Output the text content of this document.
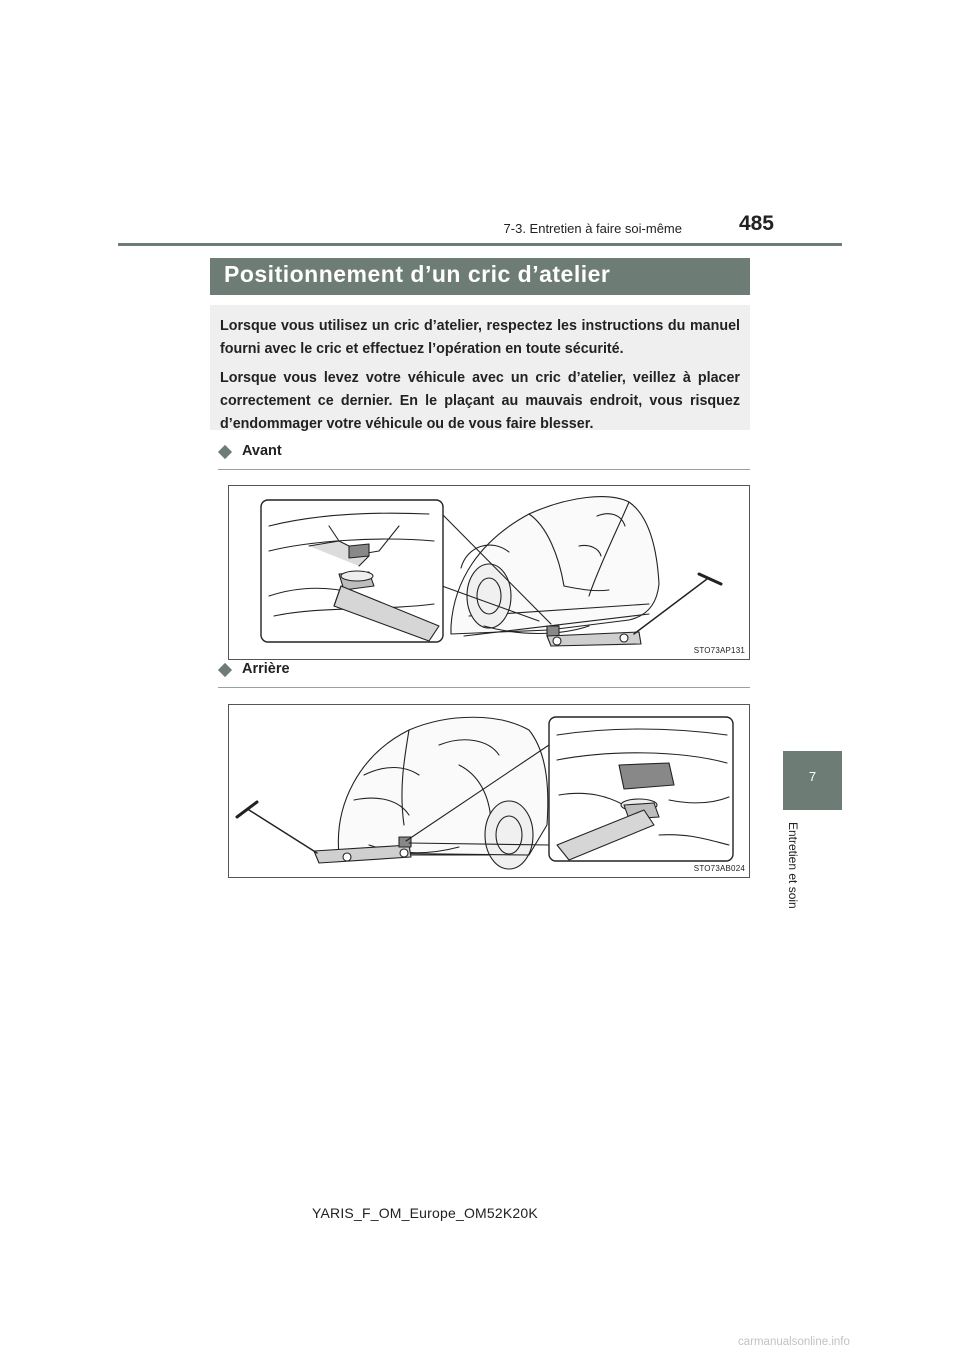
7-3. Entretien à faire soi-même	485
7
Entretien et soin
Positionnement d’un cric d’atelier

Lorsque vous utilisez un cric d’atelier, respectez les instructions du manuel fourni avec le cric et effectuez l’opération en toute sécurité.

Lorsque vous levez votre véhicule avec un cric d’atelier, veillez à placer correctement ce dernier. En le plaçant au mauvais endroit, vous risquez d’endommager votre véhicule ou de vous faire blesser.

Avant
STO73AP131
Arrière
STO73AB024
YARIS_F_OM_Europe_OM52K20K
carmanualsonline.info
